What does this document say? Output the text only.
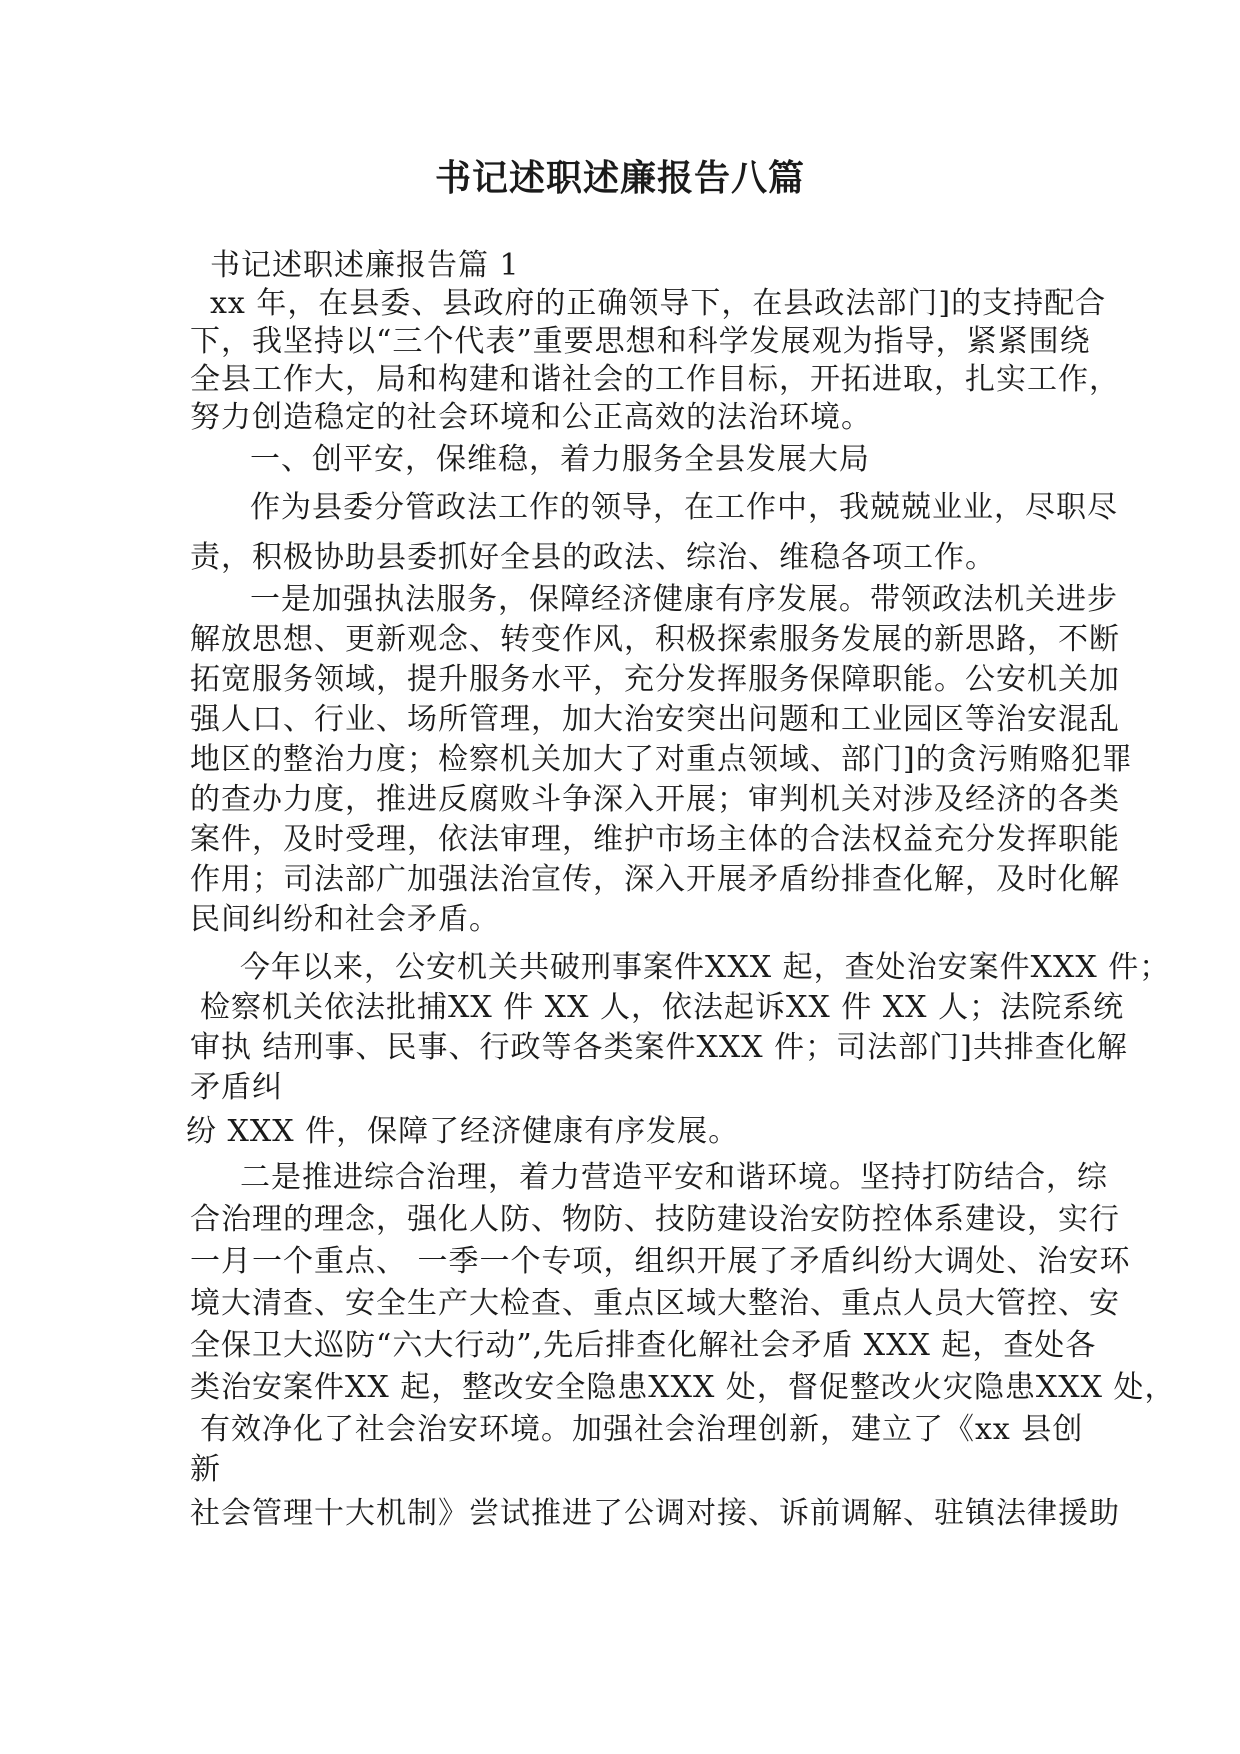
书记述职述廉报告八篇
书记述职述廉报告篇 1
xx 年，在县委、县政府的正确领导下，在县政法部门]的支持配合
下，我坚持以“三个代表”重要思想和科学发展观为指导，紧紧围绕
全县工作大，局和构建和谐社会的工作目标，开拓进取，扎实工作，
努力创造稳定的社会环境和公正高效的法治环境。
一、创平安，保维稳，着力服务全县发展大局
作为县委分管政法工作的领导，在工作中，我兢兢业业，尽职尽
责，积极协助县委抓好全县的政法、综治、维稳各项工作。
一是加强执法服务，保障经济健康有序发展。带领政法机关进步
解放思想、更新观念、转变作风，积极探索服务发展的新思路，不断
拓宽服务领域，提升服务水平，充分发挥服务保障职能。公安机关加
强人口、行业、场所管理，加大治安突出问题和工业园区等治安混乱
地区的整治力度；检察机关加大了对重点领域、部门]的贪污贿赂犯罪
的查办力度，推进反腐败斗争深入开展；审判机关对涉及经济的各类
案件，及时受理，依法审理，维护市场主体的合法权益充分发挥职能
作用；司法部广加强法治宣传，深入开展矛盾纷排查化解，及时化解
民间纠纷和社会矛盾。
今年以来，公安机关共破刑事案件XXX 起，查处治安案件XXX 件；
检察机关依法批捕XX 件 XX 人，依法起诉XX 件 XX 人；法院系统
审执 结刑事、民事、行政等各类案件XXX 件；司法部门]共排查化解
矛盾纠
纷 XXX 件，保障了经济健康有序发展。
二是推进综合治理，着力营造平安和谐环境。坚持打防结合，综
合治理的理念，强化人防、物防、技防建设治安防控体系建设，实行
一月一个重点、 一季一个专项，组织开展了矛盾纠纷大调处、治安环
境大清查、安全生产大检查、重点区域大整治、重点人员大管控、安
全保卫大巡防“六大行动”,先后排查化解社会矛盾 XXX 起，查处各
类治安案件XX 起，整改安全隐患XXX 处，督促整改火灾隐患XXX 处，
有效净化了社会治安环境。加强社会治理创新，建立了《xx 县创
新
社会管理十大机制》尝试推进了公调对接、诉前调解、驻镇法律援助
